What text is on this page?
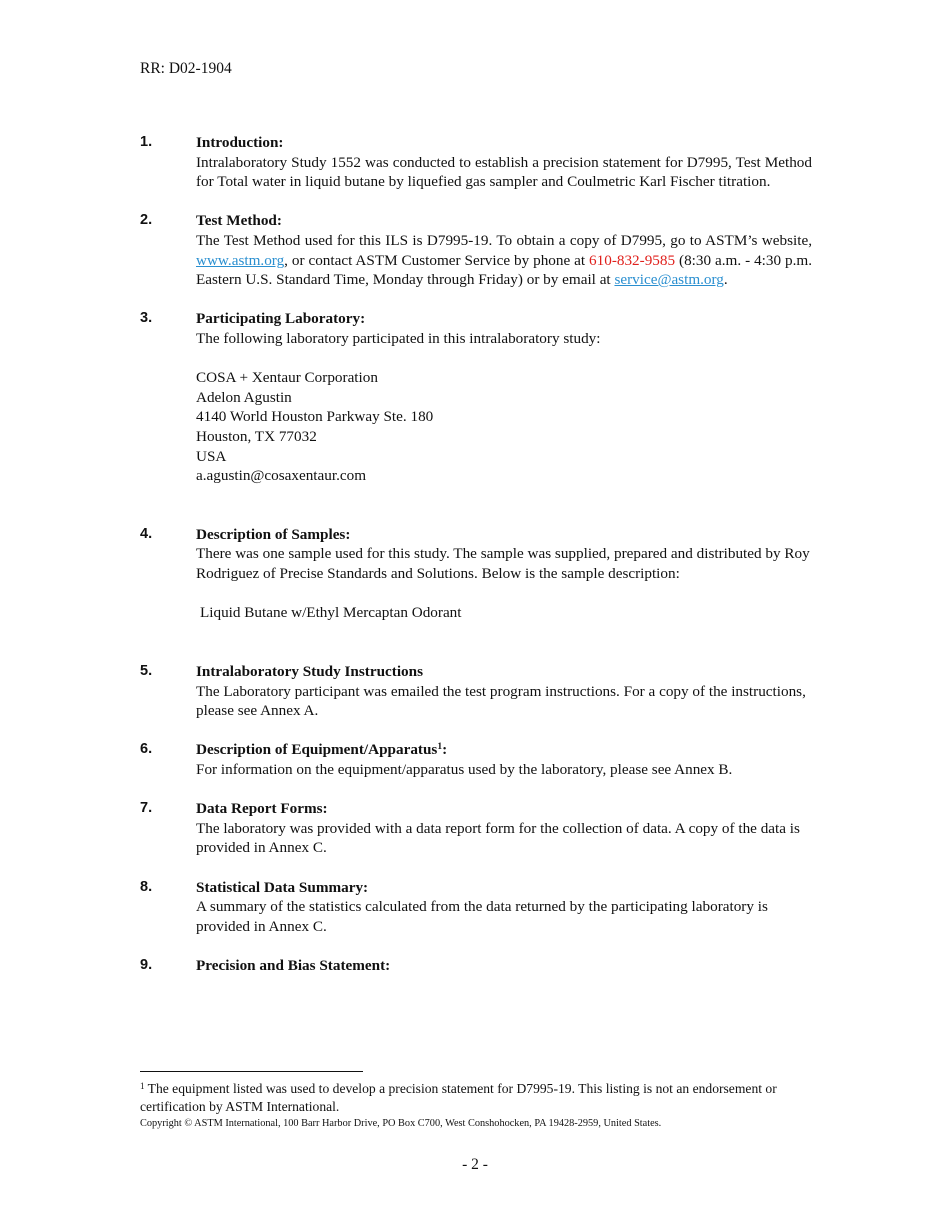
RR: D02-1904
1.	Introduction:
Intralaboratory Study 1552 was conducted to establish a precision statement for D7995, Test Method for Total water in liquid butane by liquefied gas sampler and Coulmetric Karl Fischer titration.
2.	Test Method:
The Test Method used for this ILS is D7995-19. To obtain a copy of D7995, go to ASTM’s website, www.astm.org, or contact ASTM Customer Service by phone at 610-832-9585 (8:30 a.m. - 4:30 p.m. Eastern U.S. Standard Time, Monday through Friday) or by email at service@astm.org.
3.	Participating Laboratory:
The following laboratory participated in this intralaboratory study:
COSA + Xentaur Corporation
Adelon Agustin
4140 World Houston Parkway Ste. 180
Houston, TX 77032
USA
a.agustin@cosaxentaur.com
4.	Description of Samples:
There was one sample used for this study. The sample was supplied, prepared and distributed by Roy Rodriguez of Precise Standards and Solutions. Below is the sample description:
Liquid Butane w/Ethyl Mercaptan Odorant
5.	Intralaboratory Study Instructions
The Laboratory participant was emailed the test program instructions. For a copy of the instructions, please see Annex A.
6.	Description of Equipment/Apparatus$^1$:
For information on the equipment/apparatus used by the laboratory, please see Annex B.
7.	Data Report Forms:
The laboratory was provided with a data report form for the collection of data. A copy of the data is provided in Annex C.
8.	Statistical Data Summary:
A summary of the statistics calculated from the data returned by the participating laboratory is provided in Annex C.
9.	Precision and Bias Statement:
$^1$ The equipment listed was used to develop a precision statement for D7995-19. This listing is not an endorsement or certification by ASTM International.
Copyright © ASTM International, 100 Barr Harbor Drive, PO Box C700, West Conshohocken, PA 19428-2959, United States.
- 2 -
